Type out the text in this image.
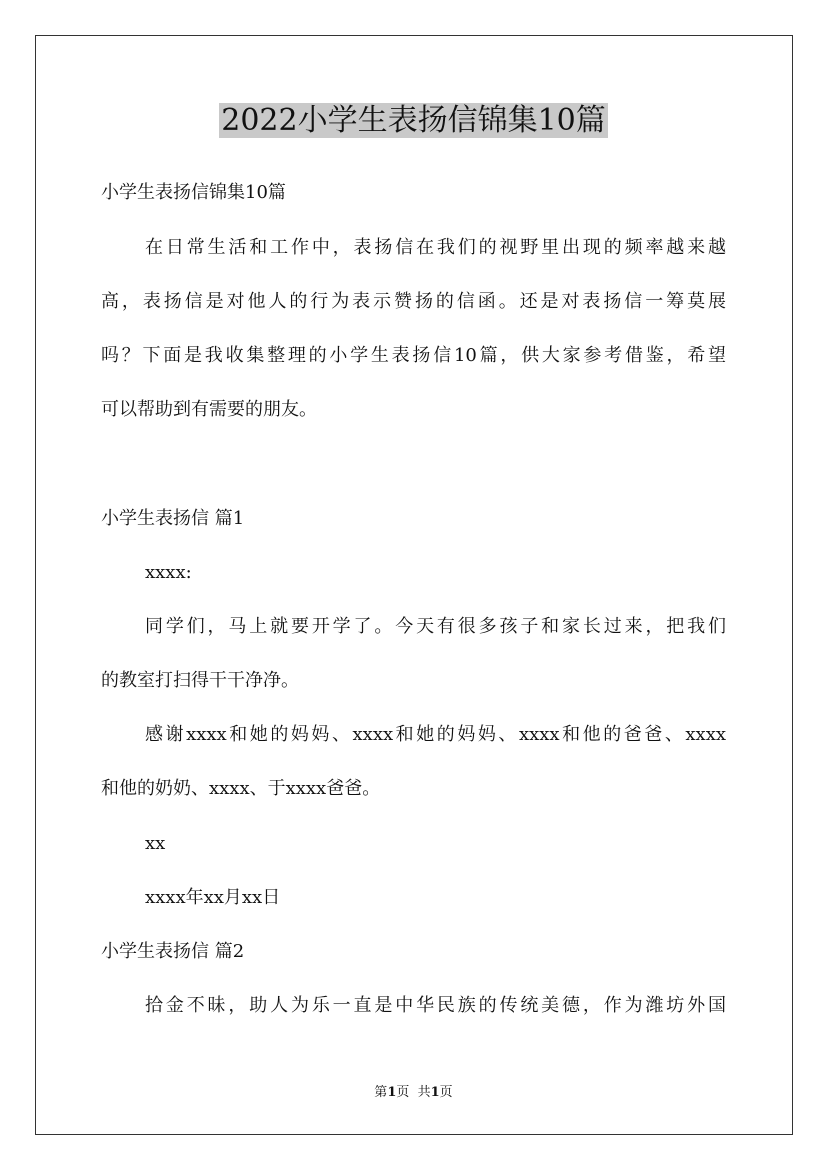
2022小学生表扬信锦集10篇
小学生表扬信锦集10篇
在日常生活和工作中，表扬信在我们的视野里出现的频率越来越
高，表扬信是对他人的行为表示赞扬的信函。还是对表扬信一筹莫展
吗？下面是我收集整理的小学生表扬信10篇，供大家参考借鉴，希望
可以帮助到有需要的朋友。
小学生表扬信 篇1
xxxx:
同学们，马上就要开学了。今天有很多孩子和家长过来，把我们
的教室打扫得干干净净。
感谢xxxx和她的妈妈、xxxx和她的妈妈、xxxx和他的爸爸、xxxx
和他的奶奶、xxxx、于xxxx爸爸。
xx
xxxx年xx月xx日
小学生表扬信 篇2
拾金不昧，助人为乐一直是中华民族的传统美德，作为潍坊外国
第1页  共1页
